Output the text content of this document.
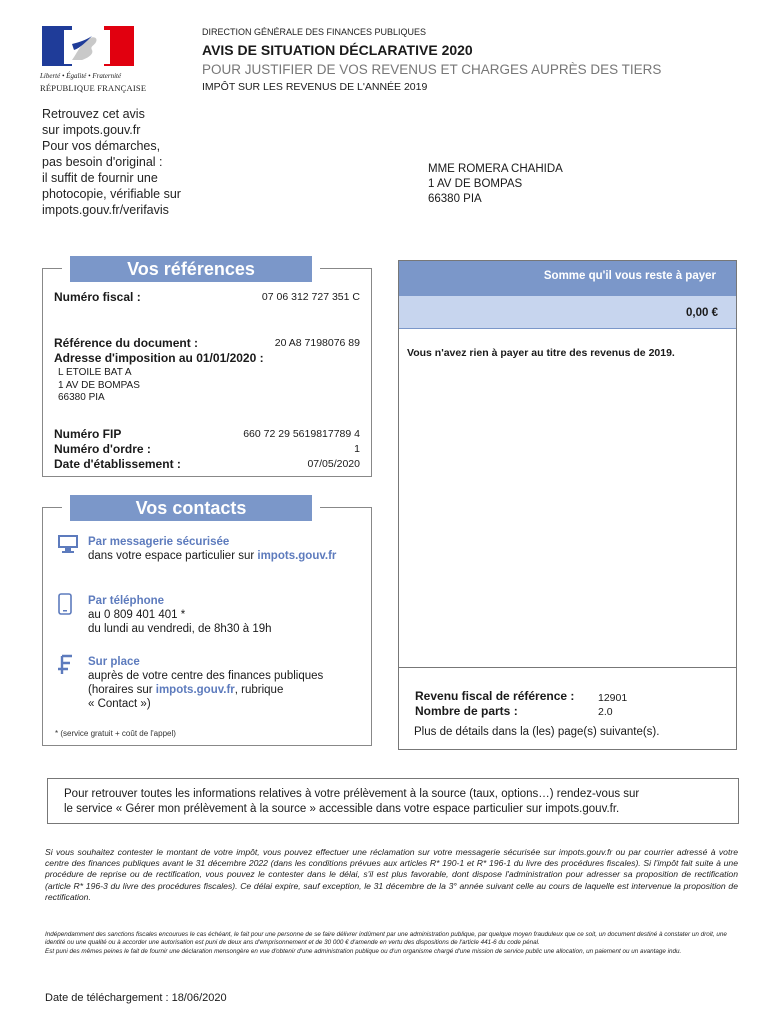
Liberté • Égalité • Fraternité
RÉPUBLIQUE FRANÇAISE
DIRECTION GÉNÉRALE DES FINANCES PUBLIQUES
AVIS DE SITUATION DÉCLARATIVE 2020
POUR JUSTIFIER DE VOS REVENUS ET CHARGES AUPRÈS DES TIERS
IMPÔT SUR LES REVENUS DE L'ANNÉE 2019
Retrouvez cet avis
sur impots.gouv.fr
Pour vos démarches,
pas besoin d'original :
il suffit de fournir une
photocopie, vérifiable sur
impots.gouv.fr/verifavis
MME ROMERA CHAHIDA
1 AV DE BOMPAS
66380 PIA
Vos références
Numéro fiscal :	07 06 312 727 351 C
Référence du document :	20 A8 7198076 89
Adresse d'imposition au 01/01/2020 :
L ETOILE BAT A
1 AV DE BOMPAS
66380 PIA
Numéro FIP	660 72 29 5619817789 4
Numéro d'ordre :	1
Date d'établissement :	07/05/2020
Vos contacts
Par messagerie sécurisée
dans votre espace particulier sur impots.gouv.fr
Par téléphone
au 0 809 401 401 *
du lundi au vendredi, de 8h30 à 19h
Sur place
auprès de votre centre des finances publiques
(horaires sur impots.gouv.fr, rubrique
« Contact »)
* (service gratuit + coût de l'appel)
Somme qu'il vous reste à payer
0,00 €
Vous n'avez rien à payer au titre des revenus de 2019.
Revenu fiscal de référence : 12901
Nombre de parts :	2.0
Plus de détails dans la (les) page(s) suivante(s).
Pour retrouver toutes les informations relatives à votre prélèvement à la source (taux, options…) rendez-vous sur
le service « Gérer mon prélèvement à la source » accessible dans votre espace particulier sur impots.gouv.fr.
Si vous souhaitez contester le montant de votre impôt, vous pouvez effectuer une réclamation sur votre messagerie sécurisée sur impots.gouv.fr ou par courrier adressé à votre centre des finances publiques avant le 31 décembre 2022 (dans les conditions prévues aux articles R* 190-1 et R* 196-1 du livre des procédures fiscales). Si l'impôt fait suite à une procédure de reprise ou de rectification, vous pouvez le contester dans le délai, s'il est plus favorable, dont dispose l'administration pour adresser sa proposition de rectification (article R* 196-3 du livre des procédures fiscales). Ce délai expire, sauf exception, le 31 décembre de la 3° année suivant celle au cours de laquelle est intervenue la proposition de rectification.
Indépendamment des sanctions fiscales encourues le cas échéant, le fait pour une personne de se faire délivrer indûment par une administration publique, par quelque moyen frauduleux que ce soit, un document destiné à constater un droit, une identité ou une qualité ou à accorder une autorisation est puni de deux ans d'emprisonnement et de 30 000 € d'amende en vertu des dispositions de l'article 441-6 du code pénal.
Est puni des mêmes peines le fait de fournir une déclaration mensongère en vue d'obtenir d'une administration publique ou d'un organisme chargé d'une mission de service public une allocation, un paiement ou un avantage indu.
Date de téléchargement : 18/06/2020
